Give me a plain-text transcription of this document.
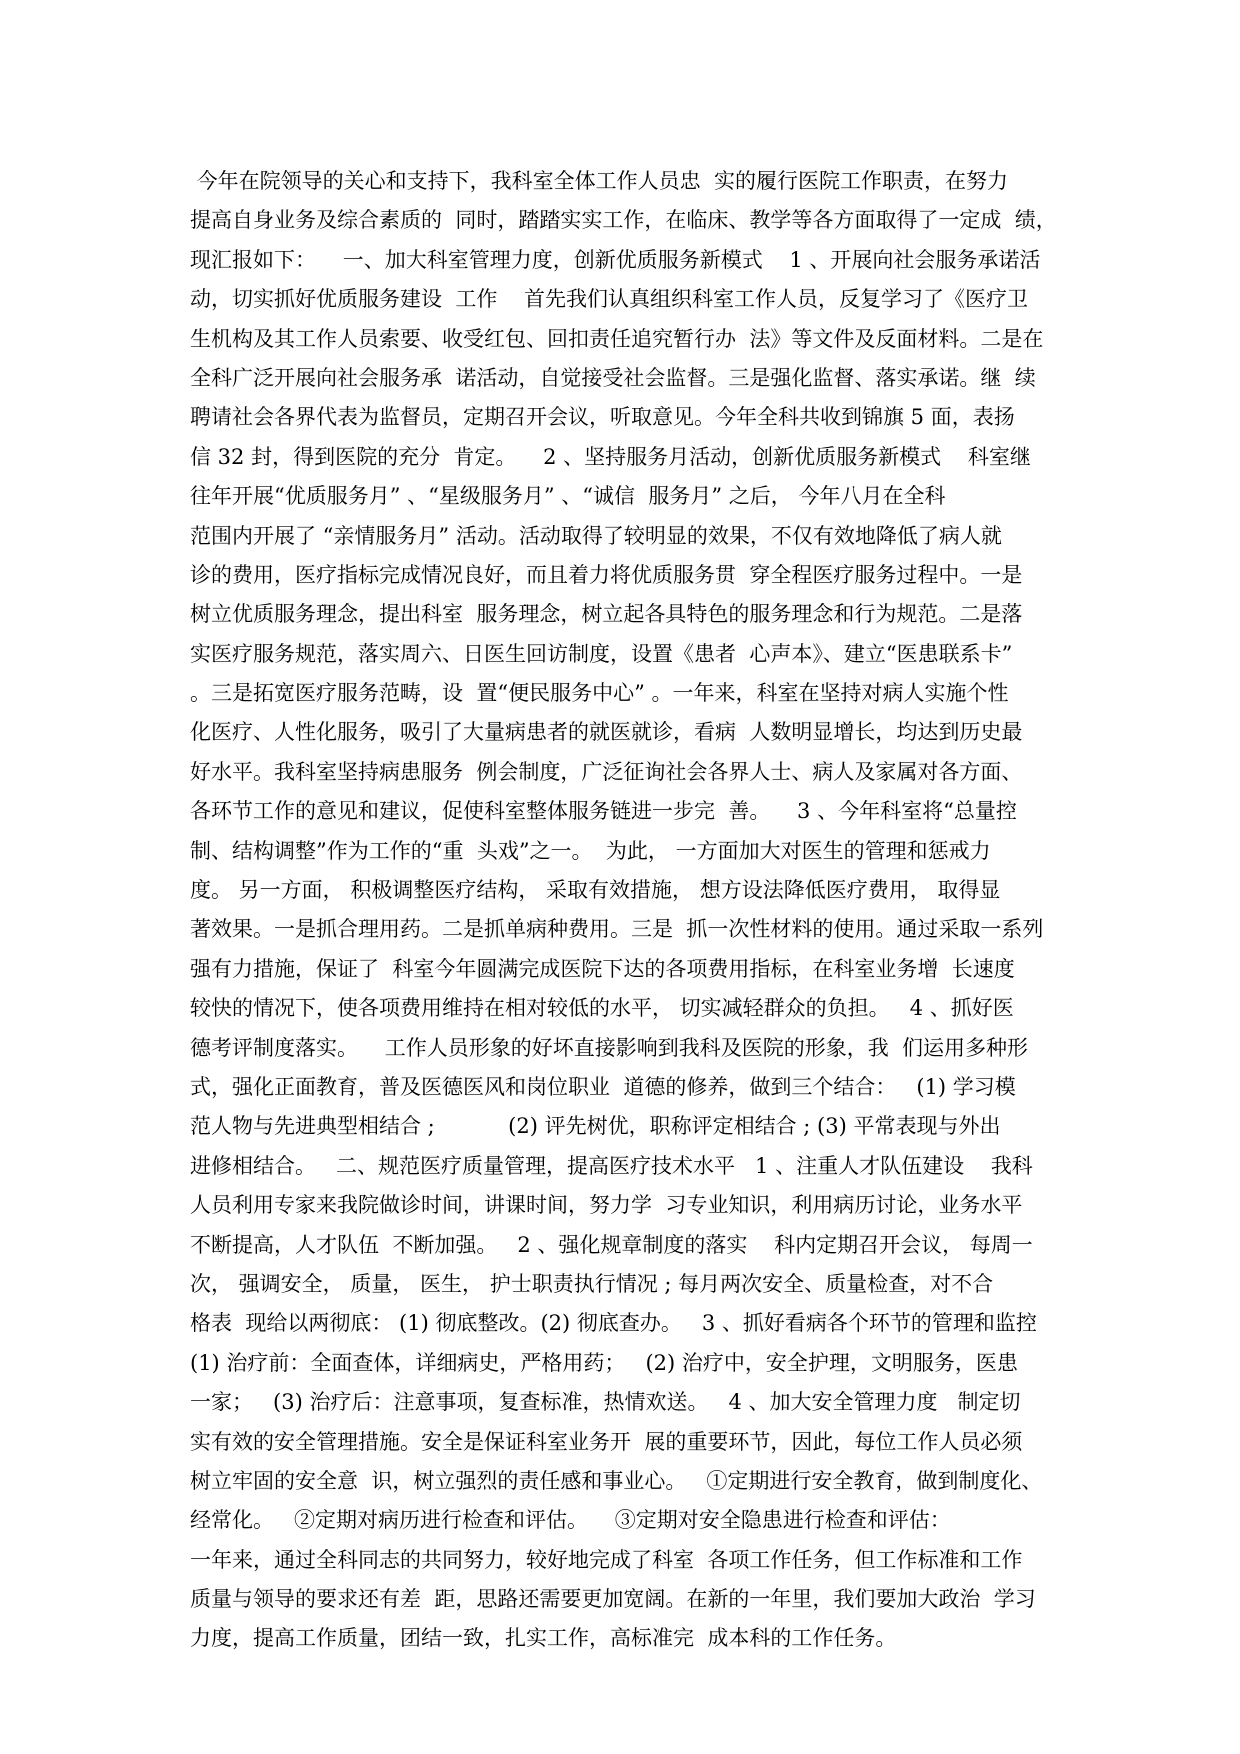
今年在院领导的关心和支持下，我科室全体工作人员忠  实的履行医院工作职责，在努力
提高自身业务及综合素质的  同时，踏踏实实工作，在临床、教学等各方面取得了一定成  绩，
现汇报如下：    一、加大科室管理力度，创新优质服务新模式    1 、开展向社会服务承诺活
动，切实抓好优质服务建设  工作    首先我们认真组织科室工作人员，反复学习了《医疗卫
生机构及其工作人员索要、收受红包、回扣责任追究暂行办  法》等文件及反面材料。二是在
全科广泛开展向社会服务承  诺活动，自觉接受社会监督。三是强化监督、落实承诺。继  续
聘请社会各界代表为监督员，定期召开会议，听取意见。今年全科共收到锦旗 5 面，表扬
信 32 封，得到医院的充分  肯定。    2 、坚持服务月活动，创新优质服务新模式    科室继
往年开展“优质服务月” 、“星级服务月” 、“诚信  服务月” 之后， 今年八月在全科
范围内开展了 “亲情服务月” 活动。活动取得了较明显的效果，不仅有效地降低了病人就
诊的费用，医疗指标完成情况良好，而且着力将优质服务贯  穿全程医疗服务过程中。一是
树立优质服务理念，提出科室  服务理念，树立起各具特色的服务理念和行为规范。二是落
实医疗服务规范，落实周六、日医生回访制度，设置《患者  心声本》、建立“医患联系卡”
。三是拓宽医疗服务范畴，设  置“便民服务中心” 。一年来，科室在坚持对病人实施个性
化医疗、人性化服务，吸引了大量病患者的就医就诊，看病  人数明显增长，均达到历史最
好水平。我科室坚持病患服务  例会制度，广泛征询社会各界人士、病人及家属对各方面、
各环节工作的意见和建议，促使科室整体服务链进一步完  善。    3 、今年科室将“总量控
制、结构调整”作为工作的“重  头戏”之一。  为此， 一方面加大对医生的管理和惩戒力
度。 另一方面， 积极调整医疗结构， 采取有效措施， 想方设法降低医疗费用， 取得显
著效果。一是抓合理用药。二是抓单病种费用。三是  抓一次性材料的使用。通过采取一系列
强有力措施，保证了  科室今年圆满完成医院下达的各项费用指标，在科室业务增  长速度
较快的情况下，使各项费用维持在相对较低的水平， 切实减轻群众的负担。   4 、抓好医
德考评制度落实。    工作人员形象的好坏直接影响到我科及医院的形象，我  们运用多种形
式，强化正面教育，普及医德医风和岗位职业  道德的修养，做到三个结合：   (1) 学习模
范人物与先进典型相结合 ;           (2) 评先树优，职称评定相结合 ; (3) 平常表现与外出
进修相结合。   二、规范医疗质量管理，提高医疗技术水平   1 、注重人才队伍建设    我科
人员利用专家来我院做诊时间，讲课时间，努力学  习专业知识，利用病历讨论，业务水平
不断提高，人才队伍  不断加强。   2 、强化规章制度的落实    科内定期召开会议， 每周一
次， 强调安全， 质量， 医生， 护士职责执行情况 ; 每月两次安全、质量检查，对不合
格表  现给以两彻底： (1) 彻底整改。(2) 彻底查办。   3 、抓好看病各个环节的管理和监控
(1) 治疗前：全面查体，详细病史，严格用药；   (2) 治疗中，安全护理，文明服务，医患
一家；   (3) 治疗后：注意事项，复查标准，热情欢送。   4 、加大安全管理力度   制定切
实有效的安全管理措施。安全是保证科室业务开  展的重要环节，因此，每位工作人员必须
树立牢固的安全意  识，树立强烈的责任感和事业心。   ①定期进行安全教育，做到制度化、
经常化。   ②定期对病历进行检查和评估。    ③定期对安全隐患进行检查和评估：
一年来，通过全科同志的共同努力，较好地完成了科室  各项工作任务，但工作标准和工作
质量与领导的要求还有差  距，思路还需要更加宽阔。在新的一年里，我们要加大政治  学习
力度，提高工作质量，团结一致，扎实工作，高标准完  成本科的工作任务。
